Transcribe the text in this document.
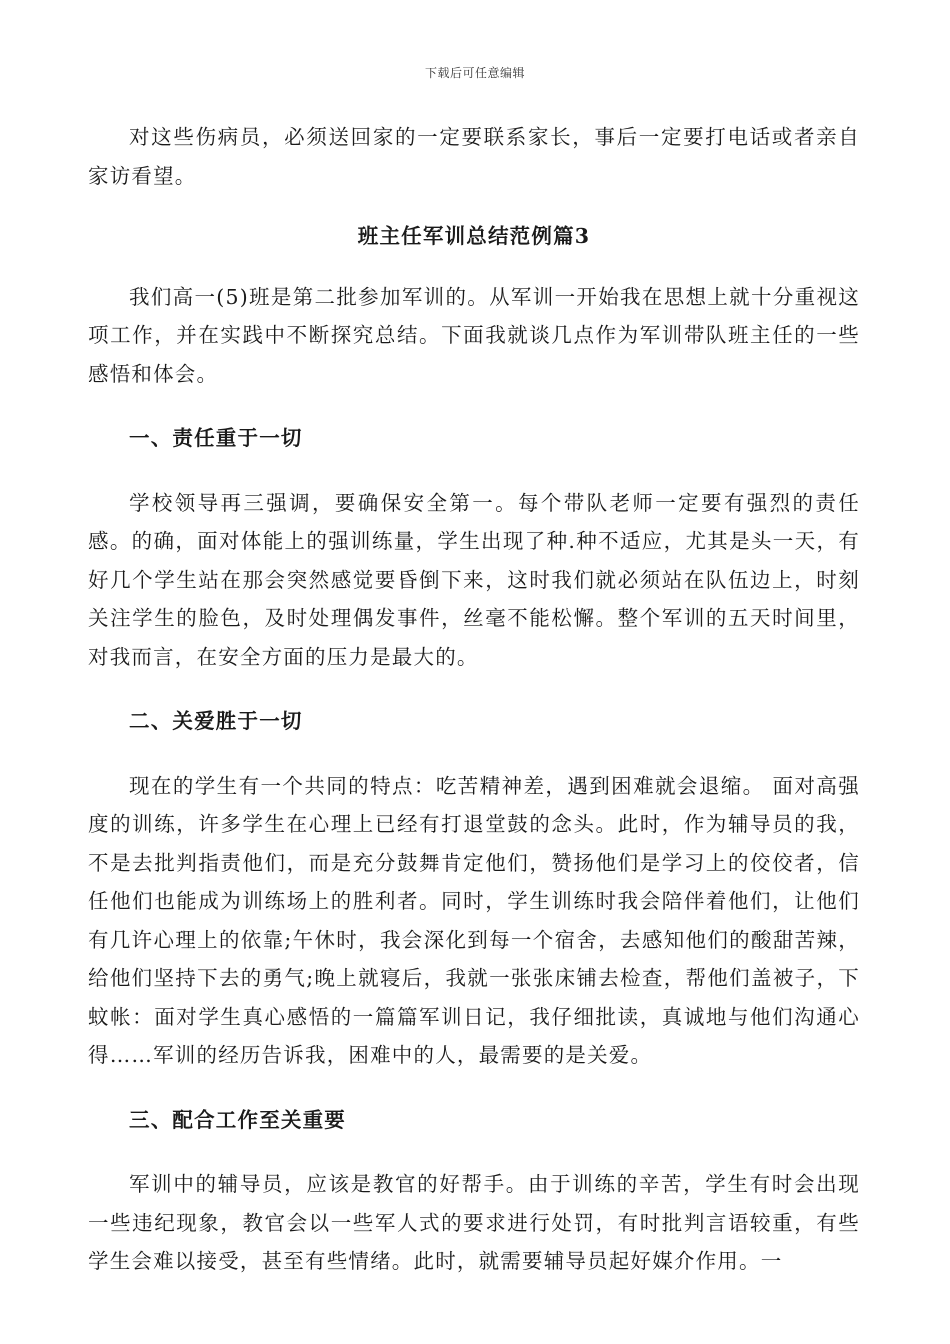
下载后可任意编辑

对这些伤病员，必须送回家的一定要联系家长，事后一定要打电话或者亲自家访看望。

班主任军训总结范例篇3

我们高一(5)班是第二批参加军训的。从军训一开始我在思想上就十分重视这项工作，并在实践中不断探究总结。下面我就谈几点作为军训带队班主任的一些感悟和体会。

一、责任重于一切

学校领导再三强调，要确保安全第一。每个带队老师一定要有强烈的责任感。的确，面对体能上的强训练量，学生出现了种.种不适应，尤其是头一天，有好几个学生站在那会突然感觉要昏倒下来，这时我们就必须站在队伍边上，时刻关注学生的脸色，及时处理偶发事件，丝毫不能松懈。整个军训的五天时间里，对我而言，在安全方面的压力是最大的。

二、关爱胜于一切

现在的学生有一个共同的特点：吃苦精神差，遇到困难就会退缩。 面对高强度的训练，许多学生在心理上已经有打退堂鼓的念头。此时，作为辅导员的我，不是去批判指责他们，而是充分鼓舞肯定他们，赞扬他们是学习上的佼佼者，信任他们也能成为训练场上的胜利者。同时，学生训练时我会陪伴着他们，让他们有几许心理上的依靠;午休时，我会深化到每一个宿舍，去感知他们的酸甜苦辣，给他们坚持下去的勇气;晚上就寝后，我就一张张床铺去检查，帮他们盖被子，下蚊帐：面对学生真心感悟的一篇篇军训日记，我仔细批读，真诚地与他们沟通心得……军训的经历告诉我，困难中的人，最需要的是关爱。

三、配合工作至关重要

军训中的辅导员，应该是教官的好帮手。由于训练的辛苦，学生有时会出现一些违纪现象，教官会以一些军人式的要求进行处罚，有时批判言语较重，有些学生会难以接受，甚至有些情绪。此时，就需要辅导员起好媒介作用。一
